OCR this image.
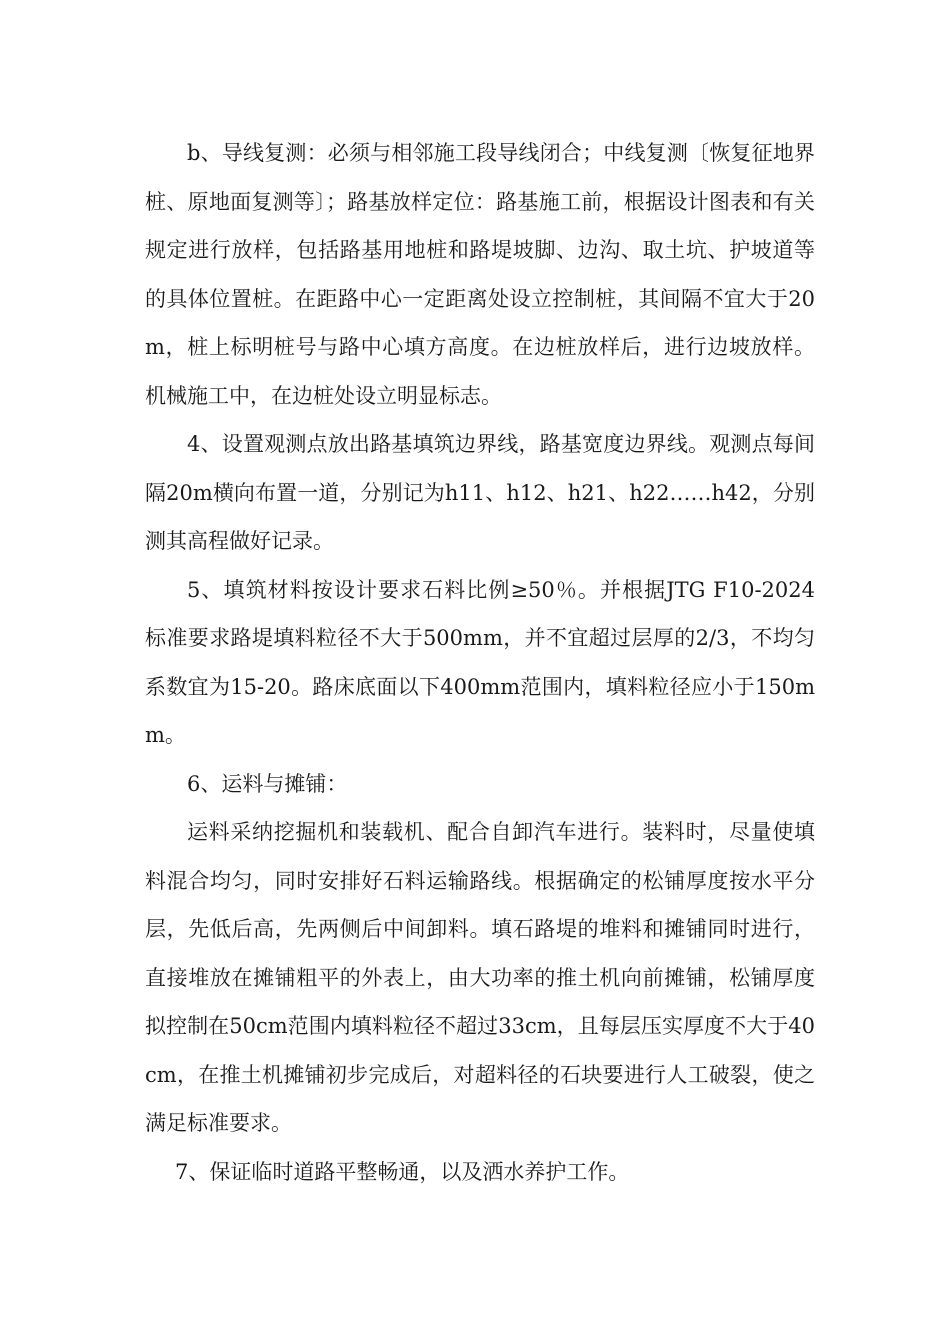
b、导线复测：必须与相邻施工段导线闭合；中线复测〔恢复征地界桩、原地面复测等〕；路基放样定位：路基施工前，根据设计图表和有关规定进行放样，包括路基用地桩和路堤坡脚、边沟、取土坑、护坡道等的具体位置桩。在距路中心一定距离处设立控制桩，其间隔不宜大于20m，桩上标明桩号与路中心填方高度。在边桩放样后，进行边坡放样。机械施工中，在边桩处设立明显标志。

4、设置观测点放出路基填筑边界线，路基宽度边界线。观测点每间隔20m横向布置一道，分别记为h11、h12、h21、h22……h42，分别测其高程做好记录。

5、填筑材料按设计要求石料比例≥50％。并根据JTG F10-2024 标准要求路堤填料粒径不大于500mm，并不宜超过层厚的2/3，不均匀系数宜为15-20。路床底面以下400mm范围内，填料粒径应小于150mm。

6、运料与摊铺：

运料采纳挖掘机和装载机、配合自卸汽车进行。装料时，尽量使填料混合均匀，同时安排好石料运输路线。根据确定的松铺厚度按水平分层，先低后高，先两侧后中间卸料。填石路堤的堆料和摊铺同时进行，直接堆放在摊铺粗平的外表上，由大功率的推土机向前摊铺，松铺厚度拟控制在50cm范围内填料粒径不超过33cm，且每层压实厚度不大于40cm，在推土机摊铺初步完成后，对超料径的石块要进行人工破裂，使之满足标准要求。

7、保证临时道路平整畅通，以及洒水养护工作。
